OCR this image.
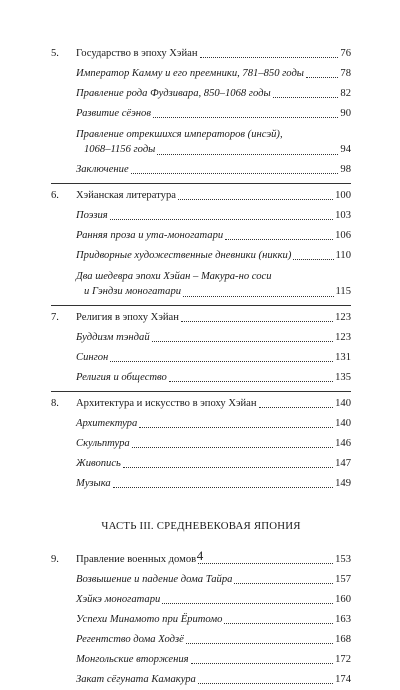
5.	Государство в эпоху Хэйан	76
Император Камму и его преемники, 781–850 годы	78
Правление рода Фудзивара, 850–1068 годы	82
Развитие сёэнов	90
Правление отрекшихся императоров (инсэй),
1068–1156 годы	94
Заключение	98
6.	Хэйанская литература	100
Поэзия	103
Ранняя проза и ута-моногатари	106
Придворные художественные дневники (никки)	110
Два шедевра эпохи Хэйан – Макура-но соси
и Гэндзи моногатари	115
7.	Религия в эпоху Хэйан	123
Буддизм тэндай	123
Сингон	131
Религия и общество	135
8.	Архитектура и искусство в эпоху Хэйан	140
Архитектура	140
Скульптура	146
Живопись	147
Музыка	149
ЧАСТЬ III. СРЕДНЕВЕКОВАЯ ЯПОНИЯ
9.	Правление военных домов	153
Возвышение и падение дома Тайра	157
Хэйкэ моногатари	160
Успехи Минамото при Ёритомо	163
Регентство дома Ходзё	168
Монгольские вторжения	172
Закат сёгуната Камакура	174
4
